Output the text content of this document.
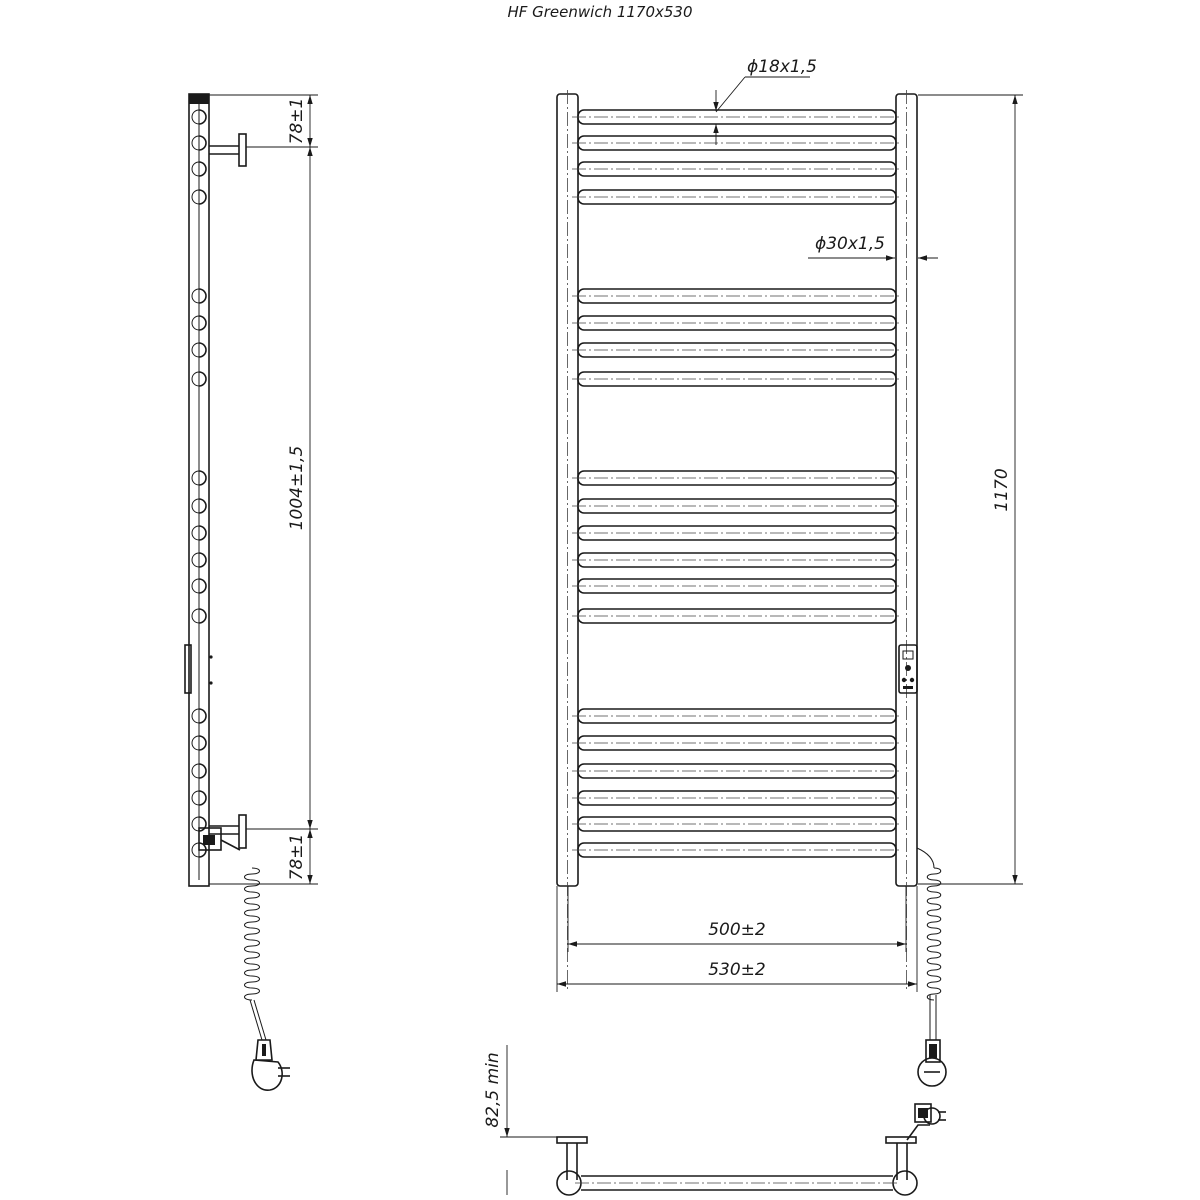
HF Greenwich 1170x530
78±1
1004±1,5
78±1
ϕ18x1,5
ϕ30x1,5
1170
500±2
530±2
82,5 min
